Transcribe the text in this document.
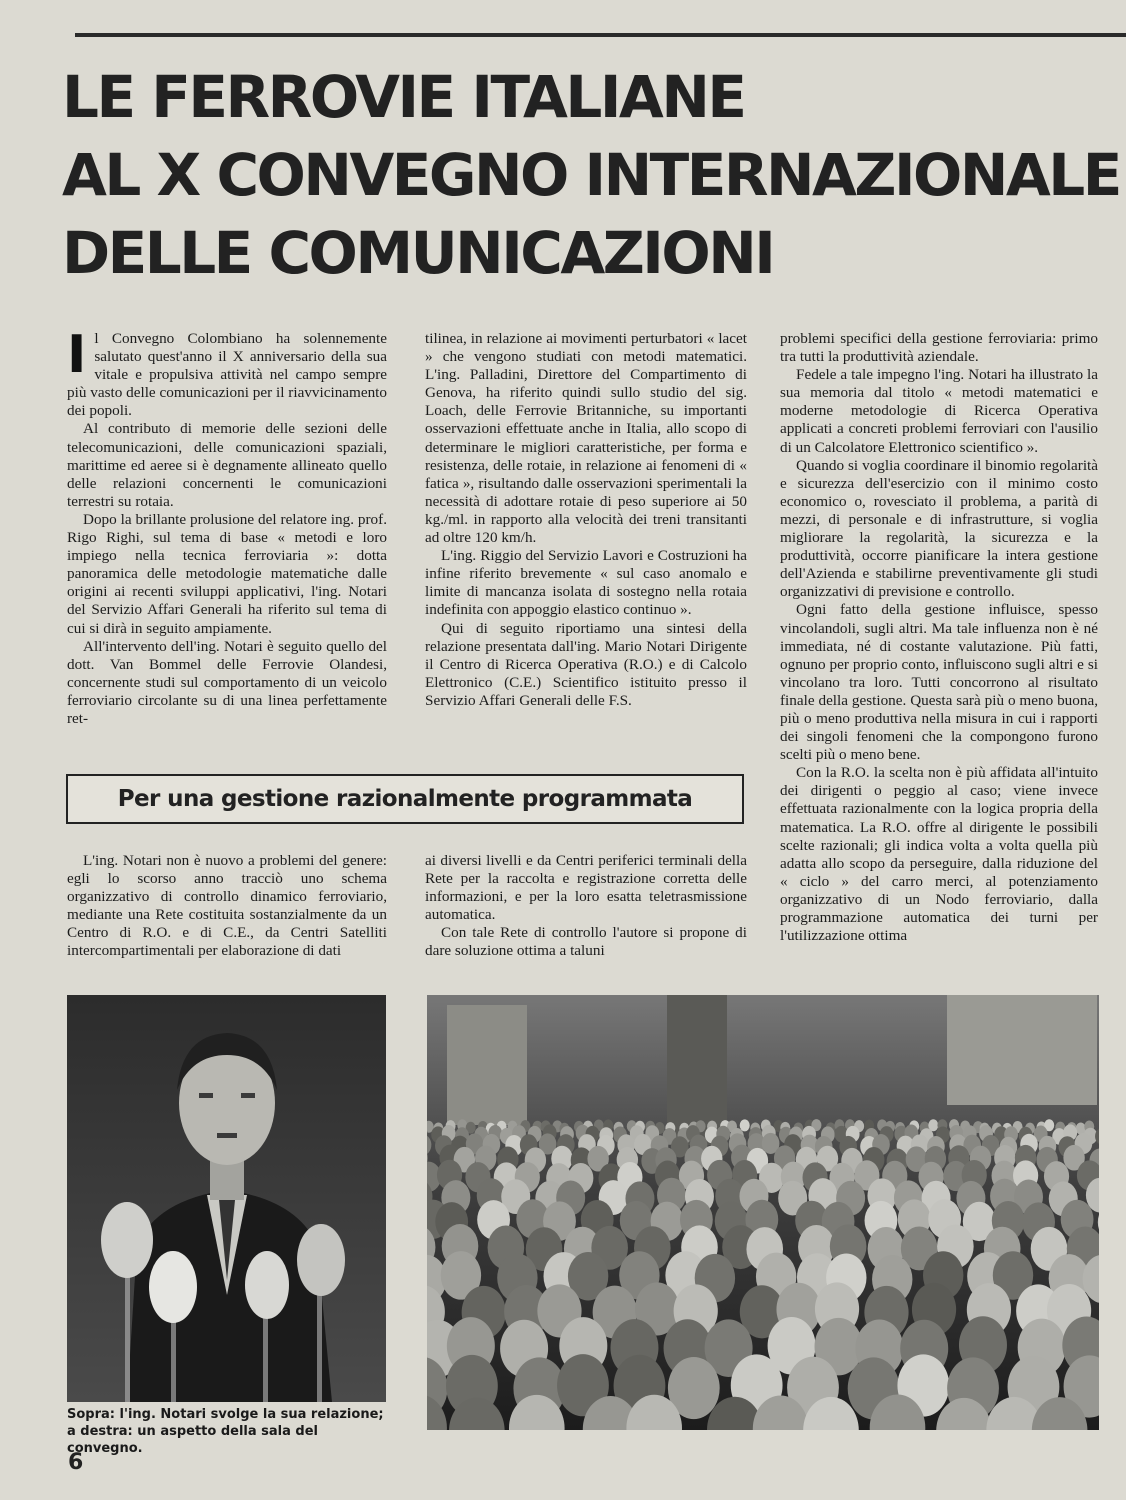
LE FERROVIE ITALIANE
AL X CONVEGNO INTERNAZIONALE
DELLE COMUNICAZIONI

Il Convegno Colombiano ha solennemente salutato quest'anno il X anniversario della sua vitale e propulsiva attività nel campo sempre più vasto delle comunicazioni per il riavvicinamento dei popoli.

Al contributo di memorie delle sezioni delle telecomunicazioni, delle comunicazioni spaziali, marittime ed aeree si è degnamente allineato quello delle relazioni concernenti le comunicazioni terrestri su rotaia.

Dopo la brillante prolusione del relatore ing. prof. Rigo Righi, sul tema di base « metodi e loro impiego nella tecnica ferroviaria »: dotta panoramica delle metodologie matematiche dalle origini ai recenti sviluppi applicativi, l'ing. Notari del Servizio Affari Generali ha riferito sul tema di cui si dirà in seguito ampiamente.

All'intervento dell'ing. Notari è seguito quello del dott. Van Bommel delle Ferrovie Olandesi, concernente studi sul comportamento di un veicolo ferroviario circolante su di una linea perfettamente ret-

tilinea, in relazione ai movimenti perturbatori « lacet » che vengono studiati con metodi matematici. L'ing. Palladini, Direttore del Compartimento di Genova, ha riferito quindi sullo studio del sig. Loach, delle Ferrovie Britanniche, su importanti osservazioni effettuate anche in Italia, allo scopo di determinare le migliori caratteristiche, per forma e resistenza, delle rotaie, in relazione ai fenomeni di « fatica », risultando dalle osservazioni sperimentali la necessità di adottare rotaie di peso superiore ai 50 kg./ml. in rapporto alla velocità dei treni transitanti ad oltre 120 km/h.

L'ing. Riggio del Servizio Lavori e Costruzioni ha infine riferito brevemente « sul caso anomalo e limite di mancanza isolata di sostegno nella rotaia indefinita con appoggio elastico continuo ».

Qui di seguito riportiamo una sintesi della relazione presentata dall'ing. Mario Notari Dirigente il Centro di Ricerca Operativa (R.O.) e di Calcolo Elettronico (C.E.) Scientifico istituito presso il Servizio Affari Generali delle F.S.

problemi specifici della gestione ferroviaria: primo tra tutti la produttività aziendale.

Fedele a tale impegno l'ing. Notari ha illustrato la sua memoria dal titolo « metodi matematici e moderne metodologie di Ricerca Operativa applicati a concreti problemi ferroviari con l'ausilio di un Calcolatore Elettronico scientifico ».

Quando si voglia coordinare il binomio regolarità e sicurezza dell'esercizio con il minimo costo economico o, rovesciato il problema, a parità di mezzi, di personale e di infrastrutture, si voglia migliorare la regolarità, la sicurezza e la produttività, occorre pianificare la intera gestione dell'Azienda e stabilirne preventivamente gli studi organizzativi di previsione e controllo.

Ogni fatto della gestione influisce, spesso vincolandoli, sugli altri. Ma tale influenza non è né immediata, né di costante valutazione. Più fatti, ognuno per proprio conto, influiscono sugli altri e si vincolano tra loro. Tutti concorrono al risultato finale della gestione. Questa sarà più o meno buona, più o meno produttiva nella misura in cui i rapporti dei singoli fenomeni che la compongono furono scelti più o meno bene.

Con la R.O. la scelta non è più affidata all'intuito dei dirigenti o peggio al caso; viene invece effettuata razionalmente con la logica propria della matematica. La R.O. offre al dirigente le possibili scelte razionali; gli indica volta a volta quella più adatta allo scopo da perseguire, dalla riduzione del « ciclo » del carro merci, al potenziamento organizzativo di un Nodo ferroviario, dalla programmazione automatica dei turni per l'utilizzazione ottima

Per una gestione razionalmente programmata

L'ing. Notari non è nuovo a problemi del genere: egli lo scorso anno tracciò uno schema organizzativo di controllo dinamico ferroviario, mediante una Rete costituita sostanzialmente da un Centro di R.O. e di C.E., da Centri Satelliti intercompartimentali per elaborazione di dati

ai diversi livelli e da Centri periferici terminali della Rete per la raccolta e registrazione corretta delle informazioni, e per la loro esatta teletrasmissione automatica.

Con tale Rete di controllo l'autore si propone di dare soluzione ottima a taluni

Sopra: l'ing. Notari svolge la sua relazione; a destra: un aspetto della sala del convegno.

6
